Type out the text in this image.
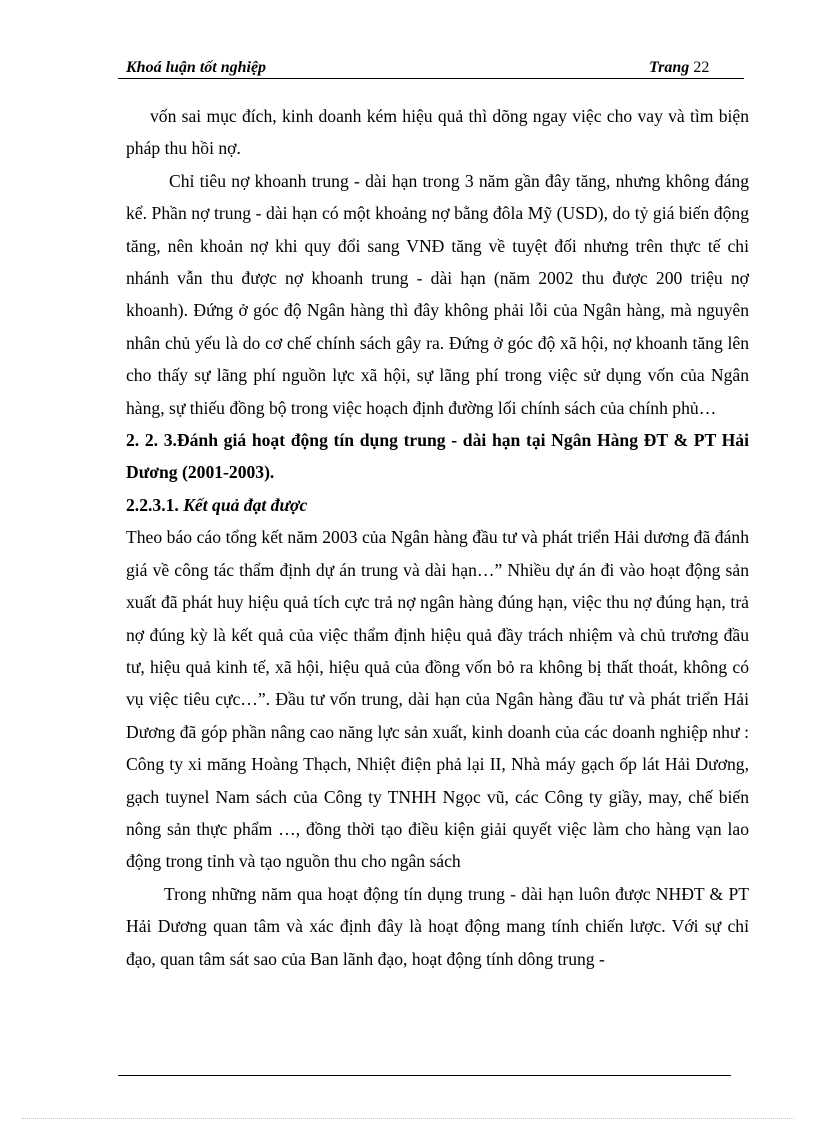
Khoá luận tốt nghiệp	Trang 22

vốn sai mục đích, kinh doanh kém hiệu quả thì dõng ngay việc cho vay và tìm biện pháp thu hồi nợ.

Chỉ tiêu nợ khoanh trung - dài hạn trong 3 năm gần đây tăng, nhưng không đáng kể. Phần nợ trung - dài hạn có một khoảng nợ bằng đôla Mỹ (USD), do tỷ giá biến động tăng, nên khoản nợ khi quy đổi sang VNĐ tăng về tuyệt đối nhưng trên thực tế chi nhánh vẫn thu được nợ khoanh trung - dài hạn (năm 2002 thu được 200 triệu nợ khoanh). Đứng ở góc độ Ngân hàng thì đây không phải lỗi của Ngân hàng, mà nguyên nhân chủ yếu là do cơ chế chính sách gây ra. Đứng ở góc độ xã hội, nợ khoanh tăng lên cho thấy sự lãng phí nguồn lực xã hội, sự lãng phí trong việc sử dụng vốn của Ngân hàng, sự thiếu đồng bộ trong việc hoạch định đường lối chính sách của chính phủ…

2. 2. 3.Đánh giá hoạt động tín dụng trung - dài hạn tại Ngân Hàng ĐT & PT Hải Dương (2001-2003).

2.2.3.1. Kết quả đạt được

Theo báo cáo tổng kết năm 2003 của Ngân hàng đầu tư và phát triển Hải dương đã đánh giá về công tác thẩm định dự án trung và dài hạn…” Nhiều dự án đi vào hoạt động sản xuất đã phát huy hiệu quả tích cực trả nợ ngân hàng đúng hạn, việc thu nợ đúng hạn, trả nợ đúng kỳ là kết quả của việc thẩm định hiệu quả đầy trách nhiệm và chủ trương đầu tư, hiệu quả kinh tế, xã hội, hiệu quả của đồng vốn bỏ ra không bị thất thoát, không có vụ việc tiêu cực…”. Đầu tư vốn trung, dài hạn của Ngân hàng đầu tư và phát triển Hải Dương đã góp phần nâng cao năng lực sản xuất, kinh doanh của các doanh nghiệp như : Công ty xi măng Hoàng Thạch, Nhiệt điện phả lại II, Nhà máy gạch ốp lát Hải Dương, gạch tuynel Nam sách của Công ty TNHH Ngọc vũ, các Công ty giầy, may, chế biến nông sản thực phẩm …, đồng thời tạo điều kiện giải quyết việc làm cho hàng vạn lao động trong tỉnh và tạo nguồn thu cho ngân sách

Trong những năm qua hoạt động tín dụng trung - dài hạn luôn được NHĐT & PT Hải Dương quan tâm và xác định đây là hoạt động mang tính chiến lược. Với sự chỉ đạo, quan tâm sát sao của Ban lãnh đạo, hoạt động tính dông trung -
